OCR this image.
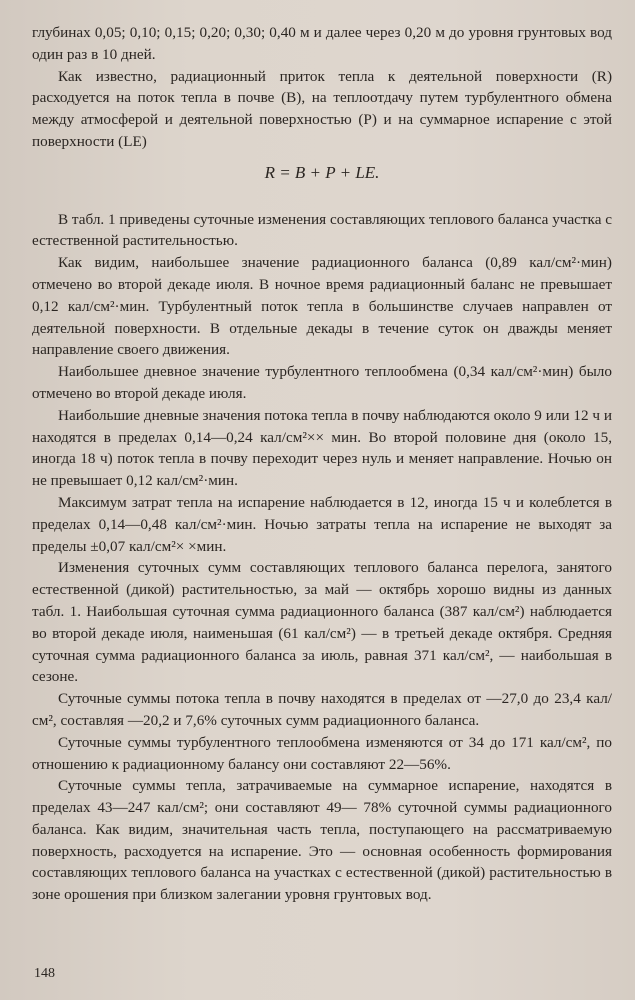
глубинах 0,05; 0,10; 0,15; 0,20; 0,30; 0,40 м и далее через 0,20 м до уровня грунтовых вод один раз в 10 дней.

Как известно, радиационный приток тепла к деятельной поверхности (R) расходуется на поток тепла в почве (B), на теплоотдачу путем турбулентного обмена между атмосферой и деятельной поверхностью (P) и на суммарное испарение с этой поверхности (LE)

R = B + P + LE.

В табл. 1 приведены суточные изменения составляющих теплового баланса участка с естественной растительностью.

Как видим, наибольшее значение радиационного баланса (0,89 кал/см²·мин) отмечено во второй декаде июля. В ночное время радиационный баланс не превышает 0,12 кал/см²·мин. Турбулентный поток тепла в большинстве случаев направлен от деятельной поверхности. В отдельные декады в течение суток он дважды меняет направление своего движения.

Наибольшее дневное значение турбулентного теплообмена (0,34 кал/см²·мин) было отмечено во второй декаде июля.

Наибольшие дневные значения потока тепла в почву наблюдаются около 9 или 12 ч и находятся в пределах 0,14—0,24 кал/см²×× мин. Во второй половине дня (около 15, иногда 18 ч) поток тепла в почву переходит через нуль и меняет направление. Ночью он не превышает 0,12 кал/см²·мин.

Максимум затрат тепла на испарение наблюдается в 12, иногда 15 ч и колеблется в пределах 0,14—0,48 кал/см²·мин. Ночью затраты тепла на испарение не выходят за пределы ±0,07 кал/см²× ×мин.

Изменения суточных сумм составляющих теплового баланса перелога, занятого естественной (дикой) растительностью, за май — октябрь хорошо видны из данных табл. 1. Наибольшая суточная сумма радиационного баланса (387 кал/см²) наблюдается во второй декаде июля, наименьшая (61 кал/см²) — в третьей декаде октября. Средняя суточная сумма радиационного баланса за июль, равная 371 кал/см², — наибольшая в сезоне.

Суточные суммы потока тепла в почву находятся в пределах от —27,0 до 23,4 кал/см², составляя —20,2 и 7,6% суточных сумм радиационного баланса.

Суточные суммы турбулентного теплообмена изменяются от 34 до 171 кал/см², по отношению к радиационному балансу они составляют 22—56%.

Суточные суммы тепла, затрачиваемые на суммарное испарение, находятся в пределах 43—247 кал/см²; они составляют 49— 78% суточной суммы радиационного баланса. Как видим, значительная часть тепла, поступающего на рассматриваемую поверхность, расходуется на испарение. Это — основная особенность формирования составляющих теплового баланса на участках с естественной (дикой) растительностью в зоне орошения при близком залегании уровня грунтовых вод.

148
